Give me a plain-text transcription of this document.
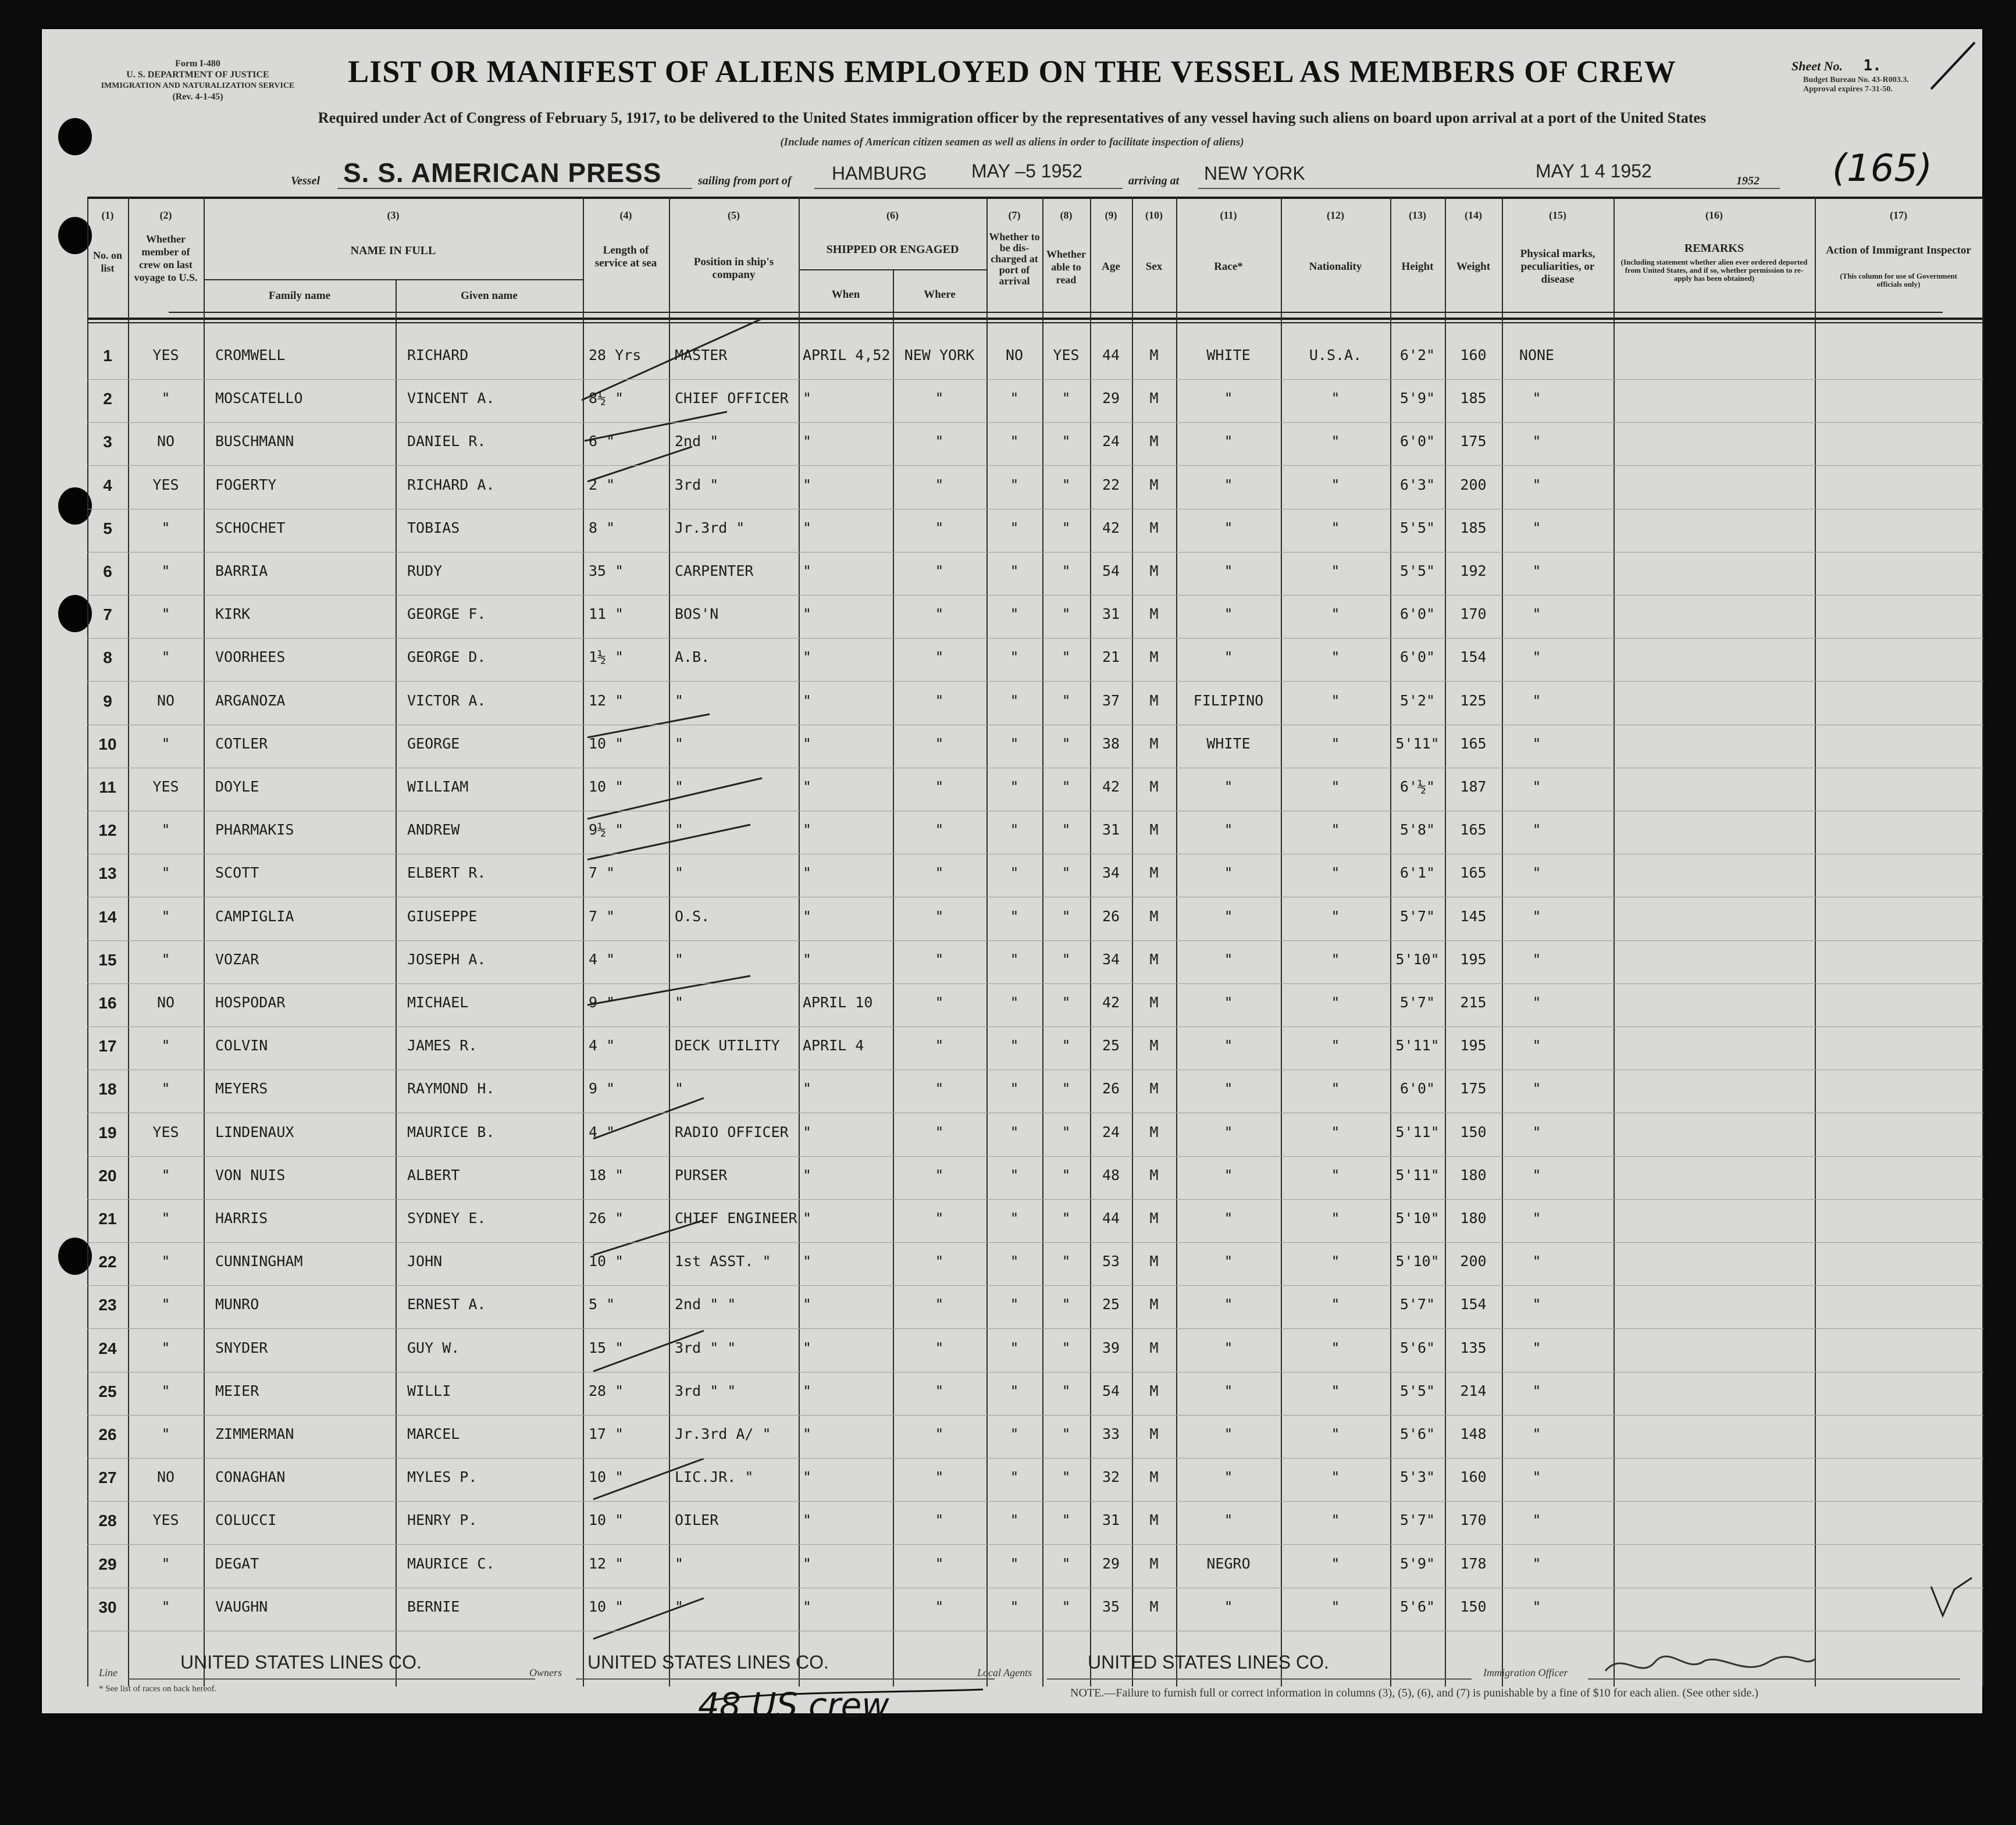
Form I-480
U. S. DEPARTMENT OF JUSTICE
IMMIGRATION AND NATURALIZATION SERVICE
(Rev. 4-1-45)
LIST OR MANIFEST OF ALIENS EMPLOYED ON THE VESSEL AS MEMBERS OF CREW
Required under Act of Congress of February 5, 1917, to be delivered to the United States immigration officer by the representatives of any vessel having such aliens on board upon arrival at a port of the United States
(Include names of American citizen seamen as well as aliens in order to facilitate inspection of aliens)
Sheet No. 1.
Budget Bureau No. 43-R003.3.
Approval expires 7-31-50.
Vessel S. S. AMERICAN PRESS	sailing from port of HAMBURG MAY –5 1952	arriving at NEW YORK	MAY 1 4 1952	1952 (165)
(1)	(2)	(3)	(4)	(5)	(6)	(7)	(8)	(9)	(10)	(11)	(12)	(13)	(14)	(15)	(16)	(17)
No. on list
Whether member of crew on last voyage to U.S.
NAME IN FULL
Family name	Given name
Length of service at sea	Position in ship's company
SHIPPED OR ENGAGED
When	Where
Whether to be dis-charged at port of arrival
Whether able to read
Age	Sex	Race*	Nationality	Height	Weight
Physical marks, peculiarities, or disease
REMARKS
(Including statement whether alien ever ordered deported from United States, and if so, whether permission to re-apply has been obtained)
Action of Immigrant Inspector
(This column for use of Government officials only)
1	YES	CROMWELL	RICHARD	28 Yrs	MASTER	APRIL 4,52 NEW YORK	NO	YES	44	M	WHITE	U.S.A.	6'2"	160	NONE
2	"	MOSCATELLO	VINCENT A.	8½ "	CHIEF OFFICER "	"	"	"	29	M	"	"	5'9"	185	"
3	NO	BUSCHMANN	DANIEL R.	6 "	2nd "	"	"	"	"	24	M	"	"	6'0"	175	"
4	YES	FOGERTY	RICHARD A.	2 "	3rd "	"	"	"	"	22	M	"	"	6'3"	200	"
5	"	SCHOCHET	TOBIAS	8 "	Jr.3rd "	"	"	"	"	42	M	"	"	5'5"	185	"
6	"	BARRIA	RUDY	35 "	CARPENTER	"	"	"	"	54	M	"	"	5'5"	192	"
7	"	KIRK	GEORGE F.	11 "	BOS'N	"	"	"	"	31	M	"	"	6'0"	170	"
8	"	VOORHEES	GEORGE D.	1½ "	A.B.	"	"	"	"	21	M	"	"	6'0"	154	"
9	NO	ARGANOZA	VICTOR A.	12 "	"	"	"	"	"	37	M	FILIPINO	"	5'2"	125	"
10	"	COTLER	GEORGE	10 "	"	"	"	"	"	38	M	WHITE	"	5'11"	165	"
11	YES	DOYLE	WILLIAM	10 "	"	"	"	"	"	42	M	"	"	6'½"	187	"
12	"	PHARMAKIS	ANDREW	9½ "	"	"	"	"	"	31	M	"	"	5'8"	165	"
13	"	SCOTT	ELBERT R.	7 "	"	"	"	"	"	34	M	"	"	6'1"	165	"
14	"	CAMPIGLIA	GIUSEPPE	7 "	O.S.	"	"	"	"	26	M	"	"	5'7"	145	"
15	"	VOZAR	JOSEPH A.	4 "	"	"	"	"	"	34	M	"	"	5'10"	195	"
16	NO	HOSPODAR	MICHAEL	9 "	"	APRIL 10	"	"	"	42	M	"	"	5'7"	215	"
17	"	COLVIN	JAMES R.	4 "	DECK UTILITY	APRIL 4	"	"	"	25	M	"	"	5'11"	195	"
18	"	MEYERS	RAYMOND H.	9 "	"	"	"	"	"	26	M	"	"	6'0"	175	"
19	YES	LINDENAUX	MAURICE B.	4 "	RADIO OFFICER "	"	"	"	24	M	"	"	5'11"	150	"
20	"	VON NUIS	ALBERT	18 "	PURSER	"	"	"	"	48	M	"	"	5'11"	180	"
21	"	HARRIS	SYDNEY E.	26 "	CHIEF ENGINEER "	"	"	"	44	M	"	"	5'10"	180	"
22	"	CUNNINGHAM	JOHN	10 "	1st ASST. "	"	"	"	"	53	M	"	"	5'10"	200	"
23	"	MUNRO	ERNEST A.	5 "	2nd " "	"	"	"	"	25	M	"	"	5'7"	154	"
24	"	SNYDER	GUY W.	15 "	3rd " "	"	"	"	"	39	M	"	"	5'6"	135	"
25	"	MEIER	WILLI	28 "	3rd " "	"	"	"	"	54	M	"	"	5'5"	214	"
26	"	ZIMMERMAN	MARCEL	17 "	Jr.3rd A/ "	"	"	"	"	33	M	"	"	5'6"	148	"
27	NO	CONAGHAN	MYLES P.	10 "	LIC.JR. "	"	"	"	"	32	M	"	"	5'3"	160	"
28	YES	COLUCCI	HENRY P.	10 "	OILER	"	"	"	"	31	M	"	"	5'7"	170	"
29	"	DEGAT	MAURICE C.	12 "	"	"	"	"	"	29	M	NEGRO	"	5'9"	178	"
30	"	VAUGHN	BERNIE	10 "	"	"	"	"	"	35	M	"	"	5'6"	150	"
Line	UNITED STATES LINES CO.	Owners UNITED STATES LINES CO.	Local Agents	UNITED STATES LINES CO.	Immigration Officer
* See list of races on back hereof.	NOTE.—Failure to furnish full or correct information in columns (3), (5), (6), and (7) is punishable by a fine of $10 for each alien. (See other side.)
48 US crew
